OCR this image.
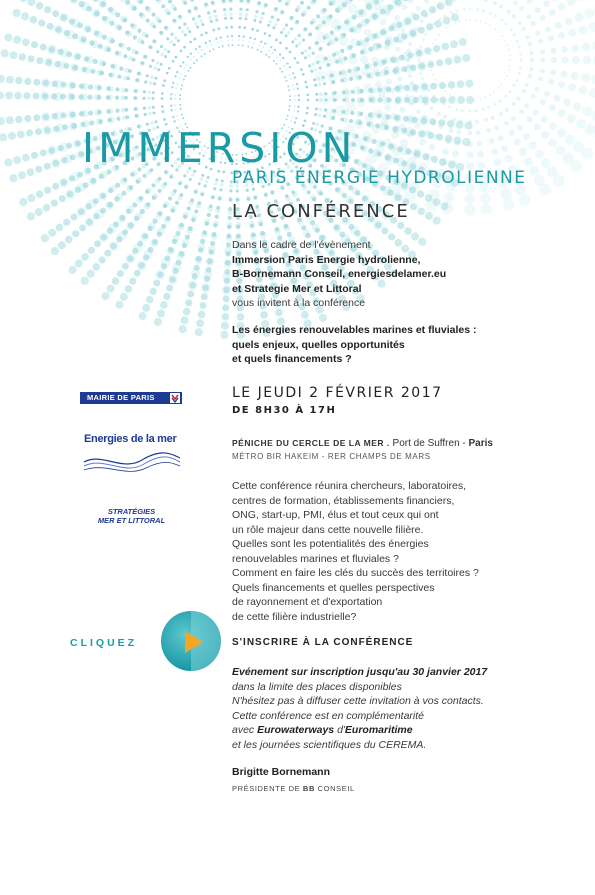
IMMERSION
PARIS ÉNERGIE HYDROLIENNE
LA CONFÉRENCE
Dans le cadre de l'évènement
Immersion Paris Energie hydrolienne,
B-Bornemann Conseil, energiesdelamer.eu
et Strategie Mer et Littoral
vous invitent à la conférence
Les énergies renouvelables marines et fluviales :
quels enjeux, quelles opportunités
et quels financements ?
MAIRIE DE PARIS
Energies de la mer
STRATÉGIES
MER ET LITTORAL
LE JEUDI 2 FÉVRIER 2017
DE 8H30 À 17H
PÉNICHE DU CERCLE DE LA MER . Port de Suffren - Paris
MÉTRO BIR HAKEIM - RER CHAMPS DE MARS
Cette conférence réunira chercheurs, laboratoires,
centres de formation, établissements financiers,
ONG, start-up, PMI, élus et tout ceux qui ont
un rôle majeur dans cette nouvelle filière.
Quelles sont les potentialités des énergies
renouvelables marines et fluviales ?
Comment en faire les clés du succès des territoires ?
Quels financements et quelles perspectives
de rayonnement et d'exportation
de cette filière industrielle?
CLIQUEZ	S'INSCRIRE À LA CONFÉRENCE
Evénement sur inscription jusqu'au 30 janvier 2017
dans la limite des places disponibles
N'hésitez pas à diffuser cette invitation à vos contacts.
Cette conférence est en complémentarité
avec Eurowaterways d'Euromaritime
et les journées scientifiques du CEREMA.
Brigitte Bornemann
PRÉSIDENTE DE BB CONSEIL
